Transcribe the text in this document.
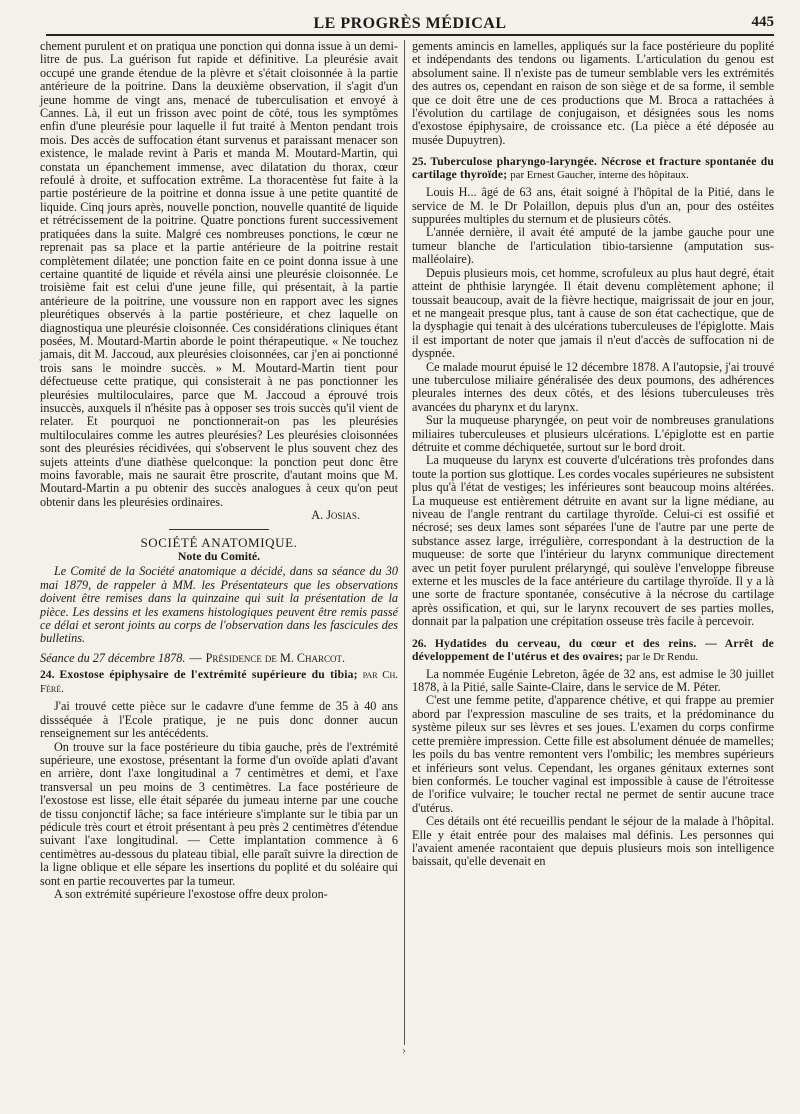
LE PROGRÈS MÉDICAL	445

chement purulent et on pratiqua une ponction qui donna issue à un demi-litre de pus. La guérison fut rapide et définitive. La pleurésie avait occupé une grande étendue de la plèvre et s'était cloisonnée à la partie antérieure de la poitrine. Dans la deuxième observation, il s'agit d'un jeune homme de vingt ans, menacé de tuberculisation et envoyé à Cannes. Là, il eut un frisson avec point de côté, tous les symptômes enfin d'une pleurésie pour laquelle il fut traité à Menton pendant trois mois. Des accès de suffocation étant survenus et paraissant menacer son existence, le malade revint à Paris et manda M. Moutard-Martin, qui constata un épanchement immense, avec dilatation du thorax, cœur refoulé à droite, et suffocation extrême. La thoracentèse fut faite à la partie postérieure de la poitrine et donna issue à une petite quantité de liquide. Cinq jours après, nouvelle ponction, nouvelle quantité de liquide et rétrécissement de la poitrine. Quatre ponctions furent successivement pratiquées dans la suite. Malgré ces nombreuses ponctions, le cœur ne reprenait pas sa place et la partie antérieure de la poitrine restait complètement dilatée; une ponction faite en ce point donna issue à une certaine quantité de liquide et révéla ainsi une pleurésie cloisonnée. Le troisième fait est celui d'une jeune fille, qui présentait, à la partie antérieure de la poitrine, une voussure non en rapport avec les signes pleurétiques observés à la partie postérieure, et chez laquelle on diagnostiqua une pleurésie cloisonnée. Ces considérations cliniques étant posées, M. Moutard-Martin aborde le point thérapeutique. « Ne touchez jamais, dit M. Jaccoud, aux pleurésies cloisonnées, car j'en ai ponctionné trois sans le moindre succès. » M. Moutard-Martin tient pour défectueuse cette pratique, qui consisterait à ne pas ponctionner les pleurésies multiloculaires, parce que M. Jaccoud a éprouvé trois insuccès, auxquels il n'hésite pas à opposer ses trois succès qu'il vient de relater. Et pourquoi ne ponctionnerait-on pas les pleurésies multiloculaires comme les autres pleurésies? Les pleurésies cloisonnées sont des pleurésies récidivées, qui s'observent le plus souvent chez des sujets atteints d'une diathèse quelconque: la ponction peut donc être moins favorable, mais ne saurait être proscrite, d'autant moins que M. Moutard-Martin a pu obtenir des succès analogues à ceux qu'on peut obtenir dans les pleurésies ordinaires.

A. Josias.

SOCIÉTÉ ANATOMIQUE.

Note du Comité.

Le Comité de la Société anatomique a décidé, dans sa séance du 30 mai 1879, de rappeler à MM. les Présentateurs que les observations doivent être remises dans la quinzaine qui suit la présentation de la pièce. Les dessins et les examens histologiques peuvent être remis passé ce délai et seront joints au corps de l'observation dans les fascicules des bulletins.

Séance du 27 décembre 1878. — Présidence de M. Charcot.

24. Exostose épiphysaire de l'extrémité supérieure du tibia; par Ch. Féré.

J'ai trouvé cette pièce sur le cadavre d'une femme de 35 à 40 ans dissséquée à l'Ecole pratique, je ne puis donc donner aucun renseignement sur les antécédents.

On trouve sur la face postérieure du tibia gauche, près de l'extrémité supérieure, une exostose, présentant la forme d'un ovoïde aplati d'avant en arrière, dont l'axe longitudinal a 7 centimètres et demi, et l'axe transversal un peu moins de 3 centimètres. La face postérieure de l'exostose est lisse, elle était séparée du jumeau interne par une couche de tissu conjonctif lâche; sa face intérieure s'implante sur le tibia par un pédicule très court et étroit présentant à peu près 2 centimètres d'étendue suivant l'axe longitudinal. — Cette implantation commence à 6 centimètres au-dessous du plateau tibial, elle paraît suivre la direction de la ligne oblique et elle sépare les insertions du poplité et du soléaire qui sont en partie recouvertes par la tumeur.

A son extrémité supérieure l'exostose offre deux prolon-

gements amincis en lamelles, appliqués sur la face postérieure du poplité et indépendants des tendons ou ligaments. L'articulation du genou est absolument saine. Il n'existe pas de tumeur semblable vers les extrémités des autres os, cependant en raison de son siège et de sa forme, il semble que ce doit être une de ces productions que M. Broca a rattachées à l'évolution du cartilage de conjugaison, et désignées sous les noms d'exostose épiphysaire, de croissance etc. (La pièce a été déposée au musée Dupuytren).

25. Tuberculose pharyngo-laryngée. Nécrose et fracture spontanée du cartilage thyroïde; par Ernest Gaucher, interne des hôpitaux.

Louis H... âgé de 63 ans, était soigné à l'hôpital de la Pitié, dans le service de M. le Dr Polaillon, depuis plus d'un an, pour des ostéites suppurées multiples du sternum et de plusieurs côtés.

L'année dernière, il avait été amputé de la jambe gauche pour une tumeur blanche de l'articulation tibio-tarsienne (amputation sus-malléolaire).

Depuis plusieurs mois, cet homme, scrofuleux au plus haut degré, était atteint de phthisie laryngée. Il était devenu complètement aphone; il toussait beaucoup, avait de la fièvre hectique, maigrissait de jour en jour, et ne mangeait presque plus, tant à cause de son état cachectique, que de la dysphagie qui tenait à des ulcérations tuberculeuses de l'épiglotte. Mais il est important de noter que jamais il n'eut d'accès de suffocation ni de dyspnée.

Ce malade mourut épuisé le 12 décembre 1878. A l'autopsie, j'ai trouvé une tuberculose miliaire généralisée des deux poumons, des adhérences pleurales internes des deux côtés, et des lésions tuberculeuses très avancées du pharynx et du larynx.

Sur la muqueuse pharyngée, on peut voir de nombreuses granulations miliaires tuberculeuses et plusieurs ulcérations. L'épiglotte est en partie détruite et comme déchiquetée, surtout sur le bord droit.

La muqueuse du larynx est couverte d'ulcérations très profondes dans toute la portion sus glottique. Les cordes vocales supérieures ne subsistent plus qu'à l'état de vestiges; les inférieures sont beaucoup moins altérées. La muqueuse est entièrement détruite en avant sur la ligne médiane, au niveau de l'angle rentrant du cartilage thyroïde. Celui-ci est ossifié et nécrosé; ses deux lames sont séparées l'une de l'autre par une perte de substance assez large, irrégulière, correspondant à la destruction de la muqueuse: de sorte que l'intérieur du larynx communique directement avec un petit foyer purulent prélaryngé, qui soulève l'enveloppe fibreuse externe et les muscles de la face antérieure du cartilage thyroïde. Il y a là une sorte de fracture spontanée, consécutive à la nécrose du cartilage après ossification, et qui, sur le larynx recouvert de ses parties molles, donnait par la palpation une crépitation osseuse très facile à percevoir.

26. Hydatides du cerveau, du cœur et des reins. — Arrêt de développement de l'utérus et des ovaires; par le Dr Rendu.

La nommée Eugénie Lebreton, âgée de 32 ans, est admise le 30 juillet 1878, à la Pitié, salle Sainte-Claire, dans le service de M. Péter.

C'est une femme petite, d'apparence chétive, et qui frappe au premier abord par l'expression masculine de ses traits, et la prédominance du système pileux sur ses lèvres et ses joues. L'examen du corps confirme cette première impression. Cette fille est absolument dénuée de mamelles; les poils du bas ventre remontent vers l'ombilic; les membres supérieurs et inférieurs sont velus. Cependant, les organes génitaux externes sont bien conformés. Le toucher vaginal est impossible à cause de l'étroitesse de l'orifice vulvaire; le toucher rectal ne permet de sentir aucune trace d'utérus.

Ces détails ont été recueillis pendant le séjour de la malade à l'hôpital. Elle y était entrée pour des malaises mal définis. Les personnes qui l'avaient amenée racontaient que depuis plusieurs mois son intelligence baissait, qu'elle devenait en

›
